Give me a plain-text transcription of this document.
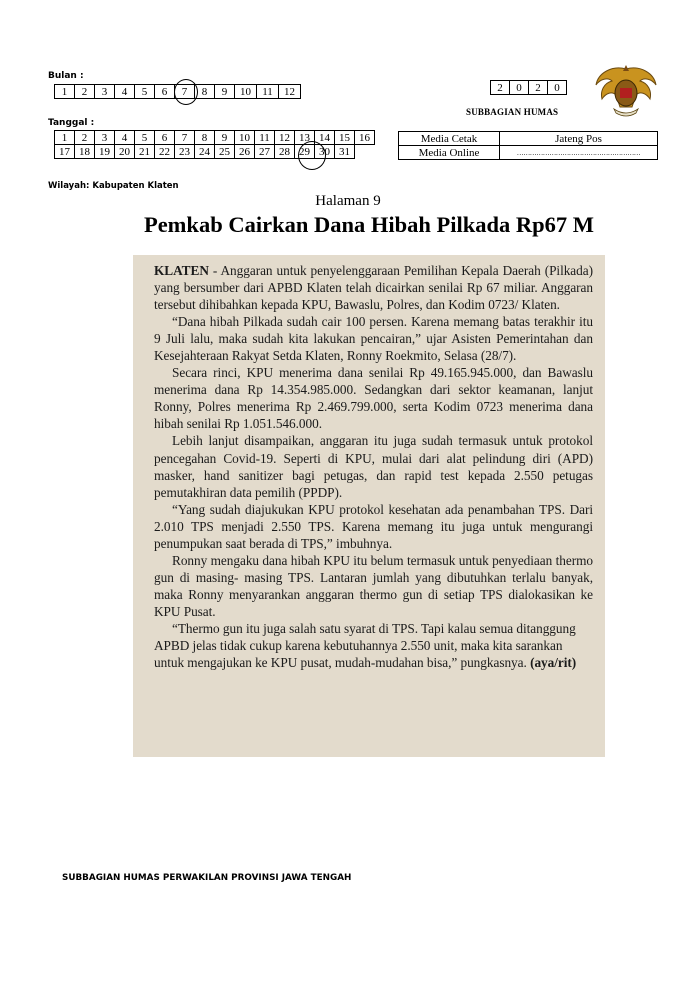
Bulan :
1	2	3	4	5	6	7	8	9	10	11	12
Tanggal :
1	2	3	4	5	6	7	8	9	10	11	12	13	14	15	16
17	18	19	20	21	22	23	24	25	26	27	28	29	30	31	
2	0	2	0
SUBBAGIAN HUMAS
Media Cetak	Jateng Pos
Media Online	…………………………………………………
Wilayah: Kabupaten Klaten
Halaman 9
Pemkab Cairkan Dana Hibah Pilkada Rp67 M

KLATEN - Anggaran untuk penyelenggaraan Pemilihan Kepala Daerah (Pilkada) yang bersumber dari APBD Klaten telah dicairkan senilai Rp 67 miliar. Anggaran tersebut dihibahkan kepada KPU, Bawaslu, Polres, dan Kodim 0723/ Klaten.

“Dana hibah Pilkada sudah cair 100 persen. Karena memang batas terakhir itu 9 Juli lalu, maka sudah kita lakukan pencairan,” ujar Asisten Pemerintahan dan Kesejahteraan Rakyat Setda Klaten, Ronny Roekmito, Selasa (28/7).

Secara rinci, KPU menerima dana senilai Rp 49.165.945.000, dan Bawaslu menerima dana Rp 14.354.985.000. Sedangkan dari sektor keamanan, lanjut Ronny, Polres menerima Rp 2.469.799.000, serta Kodim 0723 menerima dana hibah senilai Rp 1.051.546.000.

Lebih lanjut disampaikan, anggaran itu juga sudah termasuk untuk protokol pencegahan Covid-19. Seperti di KPU, mulai dari alat pelindung diri (APD) masker, hand sanitizer bagi petugas, dan rapid test kepada 2.550 petugas pemutakhiran data pemilih (PPDP).

“Yang sudah diajukukan KPU protokol kesehatan ada penambahan TPS. Dari 2.010 TPS menjadi 2.550 TPS. Karena memang itu juga untuk mengurangi penumpukan saat berada di TPS,” imbuhnya.

Ronny mengaku dana hibah KPU itu belum termasuk untuk penyediaan thermo gun di masing- masing TPS. Lantaran jumlah yang dibutuhkan terlalu banyak, maka Ronny menyarankan anggaran thermo gun di setiap TPS dialokasikan ke KPU Pusat.

“Thermo gun itu juga salah satu syarat di TPS. Tapi kalau semua ditanggung APBD jelas tidak cukup karena kebutuhannya 2.550 unit, maka kita sarankan untuk mengajukan ke KPU pusat, mudah-mudahan bisa,” pungkasnya. (aya/rit)

SUBBAGIAN HUMAS PERWAKILAN PROVINSI JAWA TENGAH
